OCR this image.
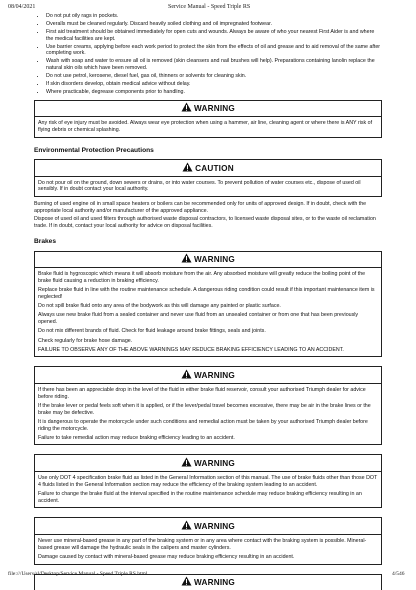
08/04/2021	Service Manual - Speed Triple RS
• Do not put oily rags in pockets.
• Overalls must be cleaned regularly. Discard heavily soiled clothing and oil impregnated footwear.
• First aid treatment should be obtained immediately for open cuts and wounds. Always be aware of who your nearest First Aider is and where the medical facilities are kept.
• Use barrier creams, applying before each work period to protect the skin from the effects of oil and grease and to aid removal of the same after completing work.
• Wash with soap and water to ensure all oil is removed (skin cleansers and nail brushes will help). Preparations containing lanolin replace the natural skin oils which have been removed.
• Do not use petrol, kerosene, diesel fuel, gas oil, thinners or solvents for cleaning skin.
• If skin disorders develop, obtain medical advice without delay.
• Where practicable, degrease components prior to handling.
WARNING

Any risk of eye injury must be avoided. Always wear eye protection when using a hammer, air line, cleaning agent or where there is ANY risk of flying debris or chemical splashing.

Environmental Protection Precautions
CAUTION

Do not pour oil on the ground, down sewers or drains, or into water courses. To prevent pollution of water courses etc., dispose of used oil sensibly. If in doubt contact your local authority.

Burning of used engine oil in small space heaters or boilers can be recommended only for units of approved design. If in doubt, check with the appropriate local authority and/or manufacturer of the approved appliance.

Dispose of used oil and used filters through authorised waste disposal contractors, to licensed waste disposal sites, or to the waste oil reclamation trade. If in doubt, contact your local authority for advice on disposal facilities.

Brakes
WARNING

Brake fluid is hygroscopic which means it will absorb moisture from the air. Any absorbed moisture will greatly reduce the boiling point of the brake fluid causing a reduction in braking efficiency.

Replace brake fluid in line with the routine maintenance schedule. A dangerous riding condition could result if this important maintenance item is neglected!

Do not spill brake fluid onto any area of the bodywork as this will damage any painted or plastic surface.

Always use new brake fluid from a sealed container and never use fluid from an unsealed container or from one that has been previously opened.

Do not mix different brands of fluid. Check for fluid leakage around brake fittings, seals and joints.

Check regularly for brake hose damage.

FAILURE TO OBSERVE ANY OF THE ABOVE WARNINGS MAY REDUCE BRAKING EFFICIENCY LEADING TO AN ACCIDENT.

WARNING

If there has been an appreciable drop in the level of the fluid in either brake fluid reservoir, consult your authorised Triumph dealer for advice before riding.

If the brake lever or pedal feels soft when it is applied, or if the lever/pedal travel becomes excessive, there may be air in the brake lines or the brake may be defective.

It is dangerous to operate the motorcycle under such conditions and remedial action must be taken by your authorised Triumph dealer before riding the motorcycle.

Failure to take remedial action may reduce braking efficiency leading to an accident.

WARNING

Use only DOT 4 specification brake fluid as listed in the General Information section of this manual. The use of brake fluids other than those DOT 4 fluids listed in the General Information section may reduce the efficiency of the braking system leading to an accident.

Failure to change the brake fluid at the interval specified in the routine maintenance schedule may reduce braking efficiency resulting in an accident.

WARNING

Never use mineral-based grease in any part of the braking system or in any area where contact with the braking system is possible. Mineral-based grease will damage the hydraulic seals in the calipers and master cylinders.

Damage caused by contact with mineral-based grease may reduce braking efficiency resulting in an accident.

WARNING
file:///Users/sl/Desktop/Service Manual - Speed Triple RS.html	4/546
